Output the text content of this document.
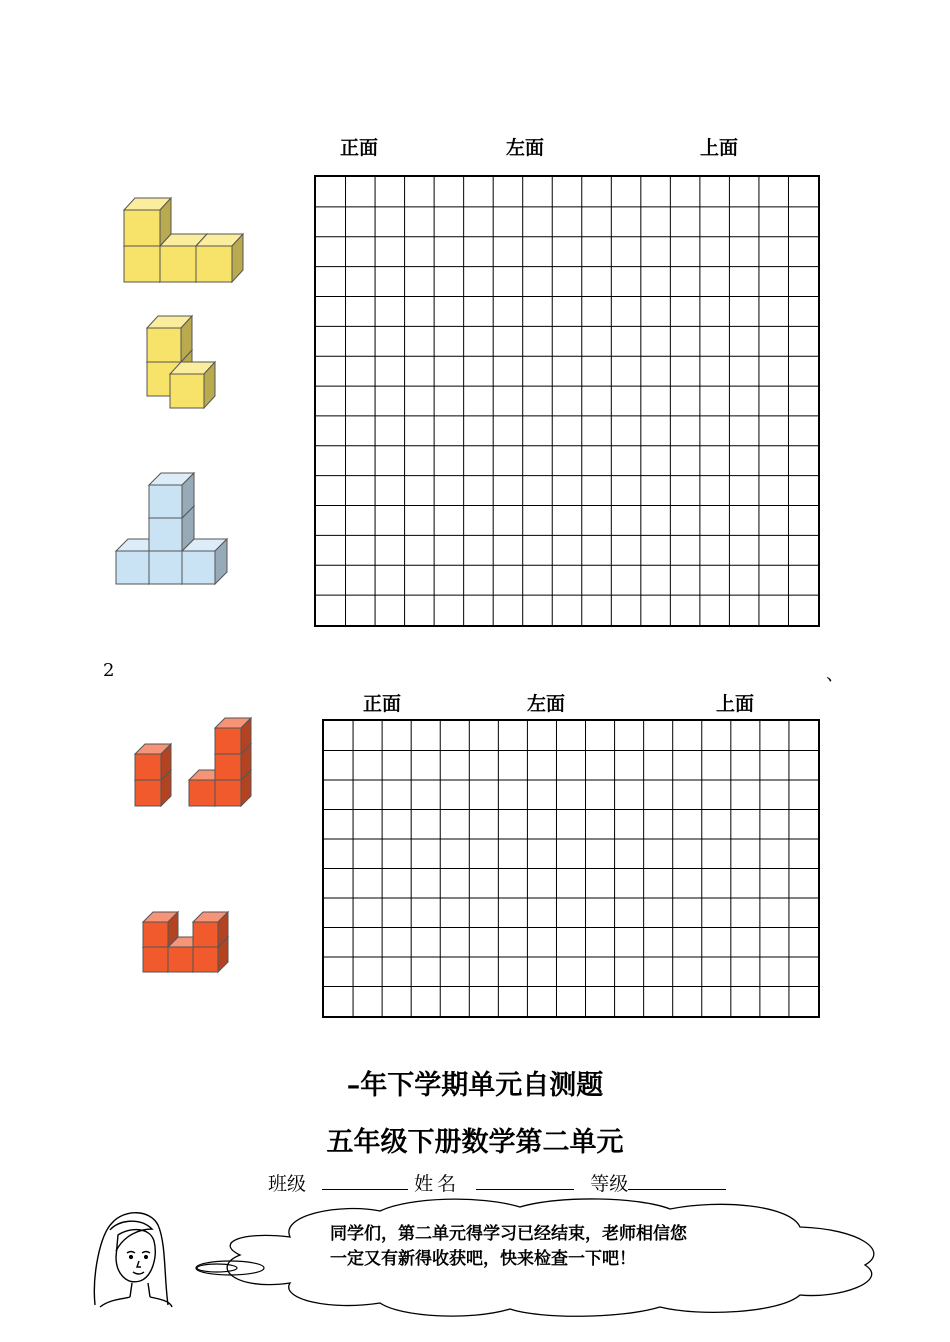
正面	左面	上面
2	、
正面	左面	上面
–年下学期单元自测题
五年级下册数学第二单元
班级	姓名	等级
同学们，第二单元得学习已经结束，老师相信您
一定又有新得收获吧，快来检查一下吧！
